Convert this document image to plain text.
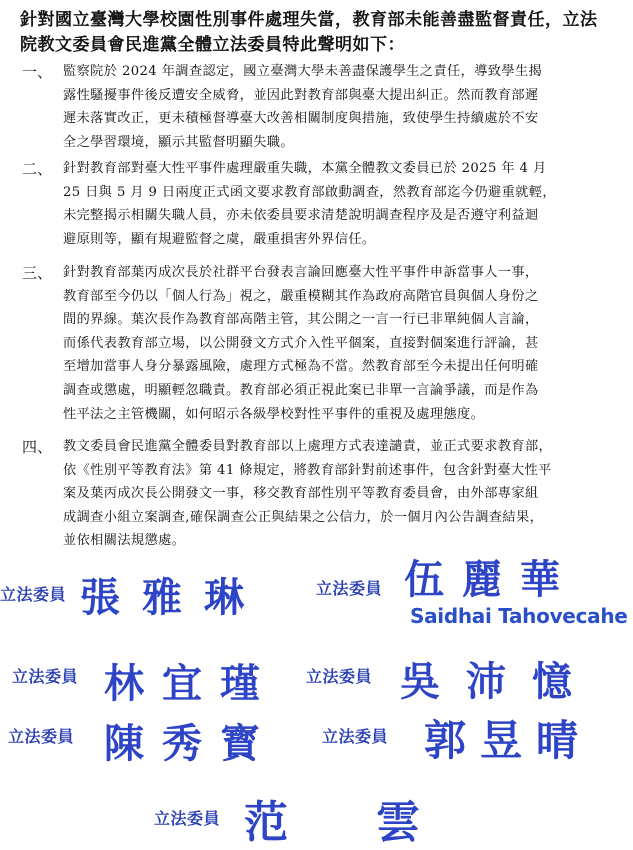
針對國立臺灣大學校園性別事件處理失當，教育部未能善盡監督責任，立法
院教文委員會民進黨全體立法委員特此聲明如下：
一、 監察院於 2024 年調查認定，國立臺灣大學未善盡保護學生之責任，導致學生揭
露性騷擾事件後反遭安全威脅，並因此對教育部與臺大提出糾正。然而教育部遲
遲未落實改正，更未積極督導臺大改善相關制度與措施，致使學生持續處於不安
全之學習環境，顯示其監督明顯失職。
二、 針對教育部對臺大性平事件處理嚴重失職，本黨全體教文委員已於 2025 年 4 月
25 日與 5 月 9 日兩度正式函文要求教育部啟動調查，然教育部迄今仍避重就輕，
未完整揭示相關失職人員，亦未依委員要求清楚說明調查程序及是否遵守利益迴
避原則等，顯有規避監督之虞，嚴重損害外界信任。
三、 針對教育部葉丙成次長於社群平台發表言論回應臺大性平事件申訴當事人一事，
教育部至今仍以「個人行為」視之，嚴重模糊其作為政府高階官員與個人身份之
間的界線。葉次長作為教育部高階主管，其公開之一言一行已非單純個人言論，
而係代表教育部立場，以公開發文方式介入性平個案，直接對個案進行評論，甚
至增加當事人身分暴露風險，處理方式極為不當。然教育部至今未提出任何明確
調查或懲處，明顯輕忽職責。教育部必須正視此案已非單一言論爭議，而是作為
性平法之主管機關，如何昭示各級學校對性平事件的重視及處理態度。
四、 教文委員會民進黨全體委員對教育部以上處理方式表達譴責，並正式要求教育部，
依《性別平等教育法》第 41 條規定，將教育部針對前述事件，包含針對臺大性平
案及葉丙成次長公開發文一事，移交教育部性別平等教育委員會，由外部專家組
成調查小組立案調查,確保調查公正與結果之公信力，於一個月內公告調查結果，
並依相關法規懲處。
立法委員 張雅琳	立法委員 伍麗華
Saidhai Tahovecahe
立法委員 林宜瑾 立法委員 吳沛憶
立法委員 陳秀寳	立法委員 郭昱晴
立法委員 范雲
